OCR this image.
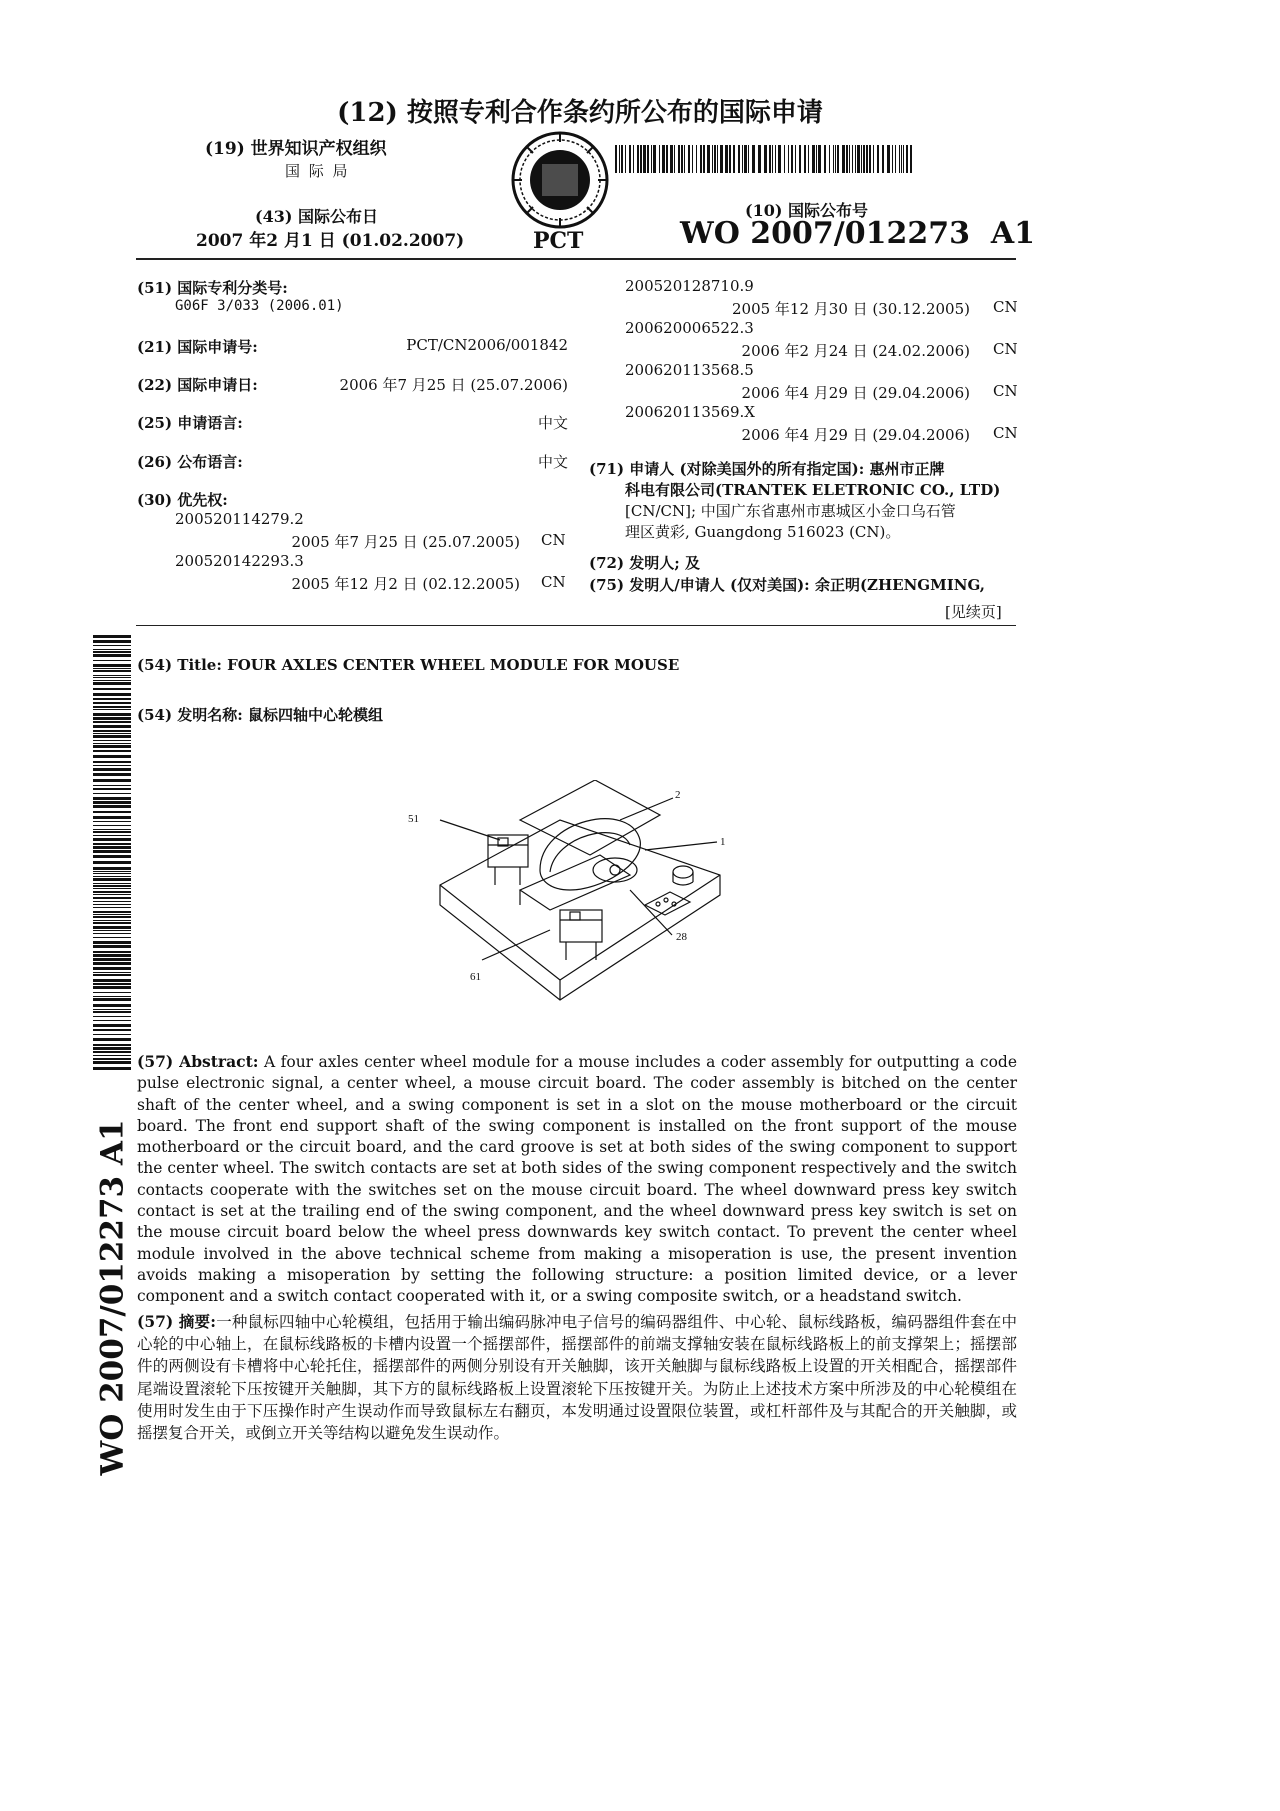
(12) 按照专利合作条约所公布的国际申请
(19) 世界知识产权组织
国 际 局
(43) 国际公布日
2007 年2 月1 日 (01.02.2007)	PCT
(10) 国际公布号
WO 2007/012273  A1
(51) 国际专利分类号:
G06F 3/033 (2006.01)
(21) 国际申请号:	PCT/CN2006/001842
(22) 国际申请日:	2006 年7 月25 日 (25.07.2006)
(25) 申请语言:	中文
(26) 公布语言:	中文
(30) 优先权:
200520114279.2
2005 年7 月25 日 (25.07.2005) CN
200520142293.3
2005 年12 月2 日 (02.12.2005) CN
200520128710.9
2005 年12 月30 日 (30.12.2005) CN
200620006522.3
2006 年2 月24 日 (24.02.2006) CN
200620113568.5
2006 年4 月29 日 (29.04.2006) CN
200620113569.X
2006 年4 月29 日 (29.04.2006) CN
(71) 申请人 (对除美国外的所有指定国): 惠州市正牌
科电有限公司(TRANTEK ELETRONIC CO., LTD)
[CN/CN]; 中国广东省惠州市惠城区小金口乌石管
理区黄彩, Guangdong 516023 (CN)。
(72) 发明人; 及
(75) 发明人/申请人 (仅对美国): 余正明(ZHENGMING,
[见续页]
(54) Title: FOUR AXLES CENTER WHEEL MODULE FOR MOUSE
(54) 发明名称: 鼠标四轴中心轮模组
51
2
1
28
61
(57) Abstract: A four axles center wheel module for a mouse includes a coder assembly for outputting a code pulse electronic signal, a center wheel, a mouse circuit board. The coder assembly is bitched on the center shaft of the center wheel, and a swing component is set in a slot on the mouse motherboard or the circuit board. The front end support shaft of the swing component is installed on the front support of the mouse motherboard or the circuit board, and the card groove is set at both sides of the swing component to support the center wheel. The switch contacts are set at both sides of the swing component respectively and the switch contacts cooperate with the switches set on the mouse circuit board. The wheel downward press key switch contact is set at the trailing end of the swing component, and the wheel downward press key switch is set on the mouse circuit board below the wheel press downwards key switch contact. To prevent the center wheel module involved in the above technical scheme from making a misoperation is use, the present invention avoids making a misoperation by setting the following structure: a position limited device, or a lever component and a switch contact cooperated with it, or a swing composite switch, or a headstand switch.
(57) 摘要:一种鼠标四轴中心轮模组，包括用于输出编码脉冲电子信号的编码器组件、中心轮、鼠标线路板，编码器组件套在中心轮的中心轴上，在鼠标线路板的卡槽内设置一个摇摆部件，摇摆部件的前端支撑轴安装在鼠标线路板上的前支撑架上；摇摆部件的两侧设有卡槽将中心轮托住，摇摆部件的两侧分别设有开关触脚，该开关触脚与鼠标线路板上设置的开关相配合，摇摆部件尾端设置滚轮下压按键开关触脚，其下方的鼠标线路板上设置滚轮下压按键开关。为防止上述技术方案中所涉及的中心轮模组在使用时发生由于下压操作时产生误动作而导致鼠标左右翻页，本发明通过设置限位装置，或杠杆部件及与其配合的开关触脚，或摇摆复合开关，或倒立开关等结构以避免发生误动作。
WO 2007/012273 A1
